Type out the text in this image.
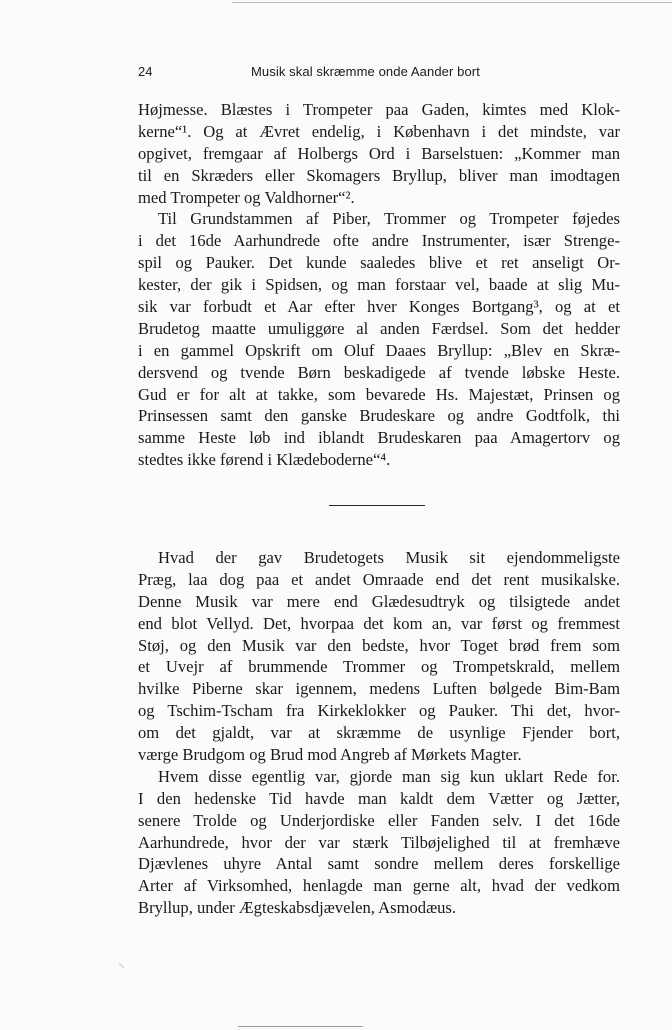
24	Musik skal skræmme onde Aander bort
Højmesse. Blæstes i Trompeter paa Gaden, kimtes med Klok-
kerne“¹. Og at Ævret endelig, i København i det mindste, var
opgivet, fremgaar af Holbergs Ord i Barselstuen: „Kommer man
til en Skræders eller Skomagers Bryllup, bliver man imodtagen
med Trompeter og Valdhorner“².
Til Grundstammen af Piber, Trommer og Trompeter føjedes
i det 16de Aarhundrede ofte andre Instrumenter, især Strenge-
spil og Pauker. Det kunde saaledes blive et ret anseligt Or-
kester, der gik i Spidsen, og man forstaar vel, baade at slig Mu-
sik var forbudt et Aar efter hver Konges Bortgang³, og at et
Brudetog maatte umuliggøre al anden Færdsel. Som det hedder
i en gammel Opskrift om Oluf Daaes Bryllup: „Blev en Skræ-
dersvend og tvende Børn beskadigede af tvende løbske Heste.
Gud er for alt at takke, som bevarede Hs. Majestæt, Prinsen og
Prinsessen samt den ganske Brudeskare og andre Godtfolk, thi
samme Heste løb ind iblandt Brudeskaren paa Amagertorv og
stedtes ikke førend i Klædeboderne“⁴.
Hvad der gav Brudetogets Musik sit ejendommeligste
Præg, laa dog paa et andet Omraade end det rent musikalske.
Denne Musik var mere end Glædesudtryk og tilsigtede andet
end blot Vellyd. Det, hvorpaa det kom an, var først og fremmest
Støj, og den Musik var den bedste, hvor Toget brød frem som
et Uvejr af brummende Trommer og Trompetskrald, mellem
hvilke Piberne skar igennem, medens Luften bølgede Bim-Bam
og Tschim-Tscham fra Kirkeklokker og Pauker. Thi det, hvor-
om det gjaldt, var at skræmme de usynlige Fjender bort,
værge Brudgom og Brud mod Angreb af Mørkets Magter.
Hvem disse egentlig var, gjorde man sig kun uklart Rede for.
I den hedenske Tid havde man kaldt dem Vætter og Jætter,
senere Trolde og Underjordiske eller Fanden selv. I det 16de
Aarhundrede, hvor der var stærk Tilbøjelighed til at fremhæve
Djævlenes uhyre Antal samt sondre mellem deres forskellige
Arter af Virksomhed, henlagde man gerne alt, hvad der vedkom
Bryllup, under Ægteskabsdjævelen, Asmodæus.
